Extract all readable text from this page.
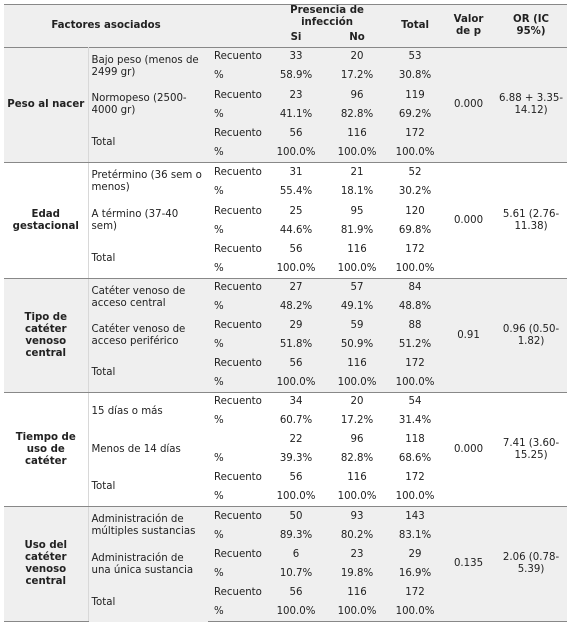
Factores asociados			Presencia de infección		Total	Valor de p	OR (IC 95%)
			Si	No			
Peso al nacer	Bajo peso (menos de 2499 gr)	Recuento	33	20	53	0.000	6.88 + 3.35-14.12)
		%	58.9%	17.2%	30.8%		
	Normopeso (2500-4000 gr)	Recuento	23	96	119		
		%	41.1%	82.8%	69.2%		
	Total	Recuento	56	116	172		
		%	100.0%	100.0%	100.0%		
Edad gestacional	Pretérmino (36 sem o menos)	Recuento	31	21	52	0.000	5.61 (2.76-11.38)
		%	55.4%	18.1%	30.2%		
	A término (37-40 sem)	Recuento	25	95	120		
		%	44.6%	81.9%	69.8%		
	Total	Recuento	56	116	172		
		%	100.0%	100.0%	100.0%		
Tipo de catéter venoso central	Catéter venoso de acceso central	Recuento	27	57	84	0.91	0.96 (0.50-1.82)
		%	48.2%	49.1%	48.8%		
	Catéter venoso de acceso periférico	Recuento	29	59	88		
		%	51.8%	50.9%	51.2%		
	Total	Recuento	56	116	172		
		%	100.0%	100.0%	100.0%		
Tiempo de uso de catéter	15 días o más	Recuento	34	20	54	0.000	7.41 (3.60-15.25)
		%	60.7%	17.2%	31.4%		
	Menos de 14 días		22	96	118		
		%	39.3%	82.8%	68.6%		
	Total	Recuento	56	116	172		
		%	100.0%	100.0%	100.0%		
Uso del catéter venoso central	Administración de múltiples sustancias	Recuento	50	93	143	0.135	2.06 (0.78-5.39)
		%	89.3%	80.2%	83.1%		
	Administración de una única sustancia	Recuento	6	23	29		
		%	10.7%	19.8%	16.9%		
	Total	Recuento	56	116	172		
		%	100.0%	100.0%	100.0%		
